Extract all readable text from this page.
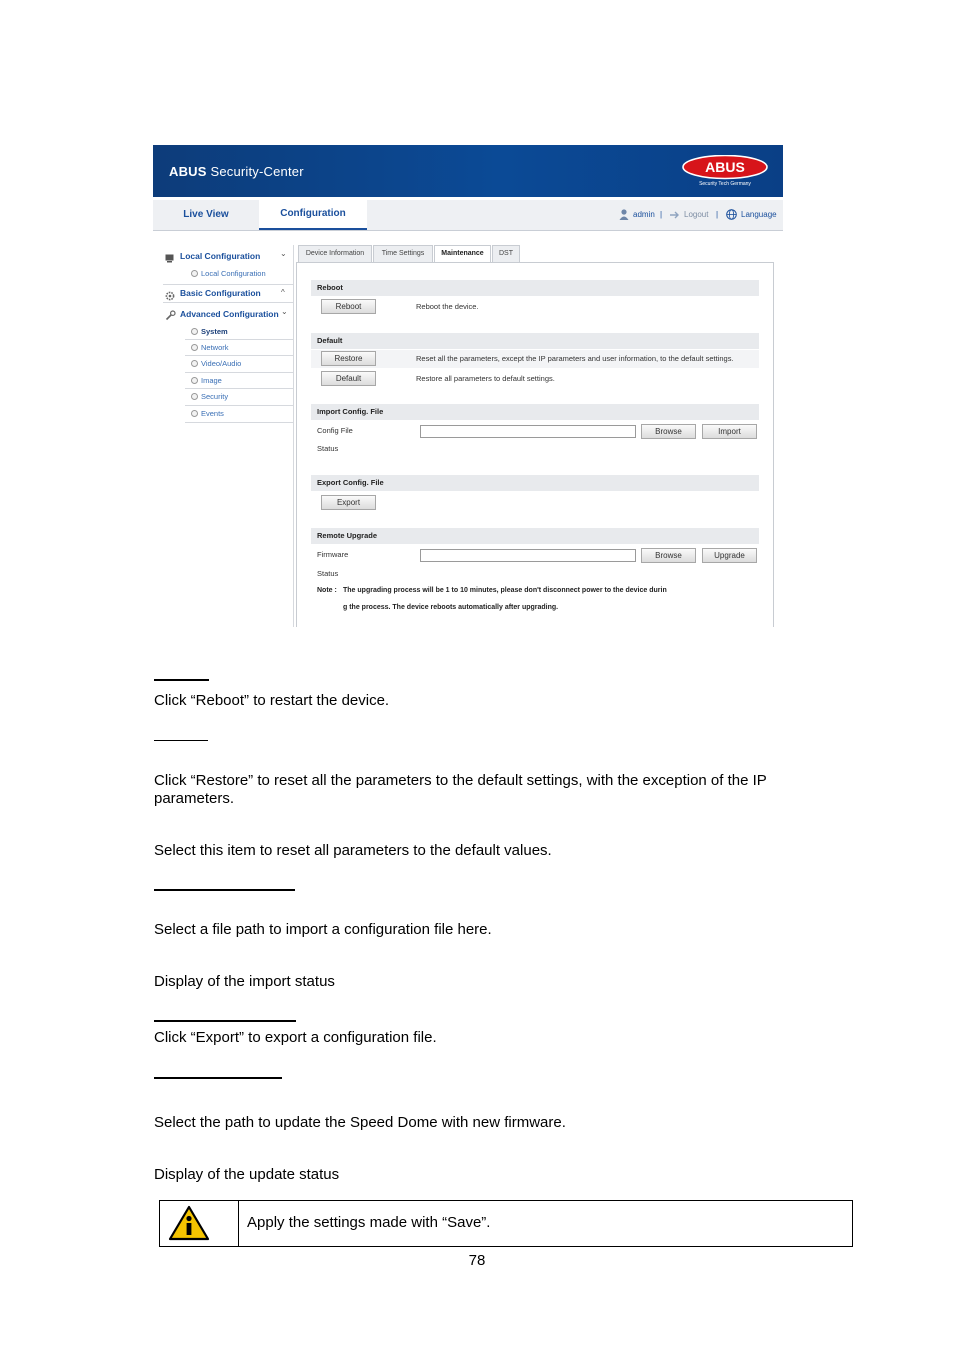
ABUS Security-Center	ABUS
Security Tech Germany
Live View	Configuration	admin |	Logout |	Language
Local Configuration ⌄
Local Configuration
Basic Configuration	^
Advanced Configuration ⌄
System
Network
Video/Audio
Image
Security
Events
Device Information	Time Settings	Maintenance	DST
Reboot
Reboot	Reboot the device.
Default
Restore	Reset all the parameters, except the IP parameters and user information, to the default settings.
Default	Restore all parameters to default settings.
Import Config. File
Config File	Browse	Import
Status
Export Config. File
Export
Remote Upgrade
Firmware	Browse	Upgrade
Status
Note : The upgrading process will be 1 to 10 minutes, please don't disconnect power to the device durin
g the process. The device reboots automatically after upgrading.
Click “Reboot” to restart the device.
Click “Restore” to reset all the parameters to the default settings, with the exception of the IP parameters.
Select this item to reset all parameters to the default values.
Select a file path to import a configuration file here.
Display of the import status
Click “Export” to export a configuration file.
Select the path to update the Speed Dome with new firmware.
Display of the update status
Apply the settings made with “Save”.
78
